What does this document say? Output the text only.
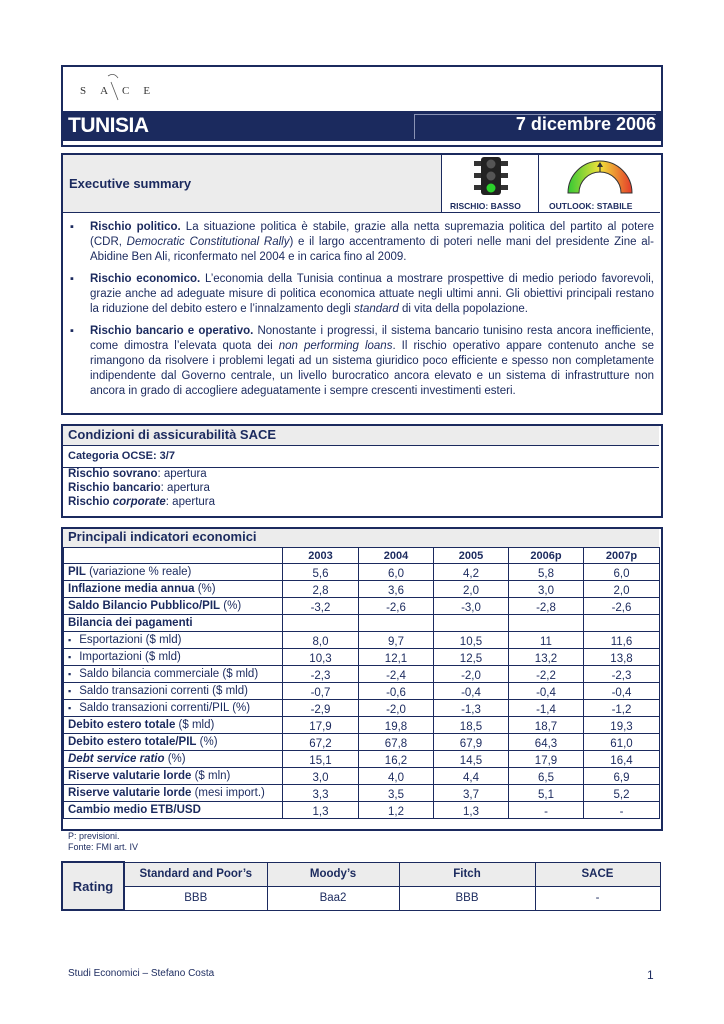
SACE
TUNISIA	7 dicembre 2006
Executive summary
RISCHIO: BASSO	OUTLOOK: STABILE
▪ Rischio politico. La situazione politica è stabile, grazie alla netta supremazia politica del partito al potere (CDR, Democratic Constitutional Rally) e il largo accentramento di poteri nelle mani del presidente Zine al-Abidine Ben Ali, riconfermato nel 2004 e in carica fino al 2009.
▪ Rischio economico. L’economia della Tunisia continua a mostrare prospettive di medio periodo favorevoli, grazie anche ad adeguate misure di politica economica attuate negli ultimi anni. Gli obiettivi principali restano la riduzione del debito estero e l’innalzamento degli standard di vita della popolazione.
▪ Rischio bancario e operativo. Nonostante i progressi, il sistema bancario tunisino resta ancora inefficiente, come dimostra l’elevata quota dei non performing loans. Il rischio operativo appare contenuto anche se rimangono da risolvere i problemi legati ad un sistema giuridico poco efficiente e spesso non completamente indipendente dal Governo centrale, un livello burocratico ancora elevato e un sistema di infrastrutture non ancora in grado di accogliere adeguatamente i sempre crescenti investimenti esteri.
Condizioni di assicurabilità SACE
Categoria OCSE: 3/7
Rischio sovrano: apertura
Rischio bancario: apertura
Rischio corporate: apertura
Principali indicatori economici
	2003	2004	2005	2006p	2007p
PIL (variazione % reale)	5,6	6,0	4,2	5,8	6,0
Inflazione media annua (%)	2,8	3,6	2,0	3,0	2,0
Saldo Bilancio Pubblico/PIL (%)	-3,2	-2,6	-3,0	-2,8	-2,6
Bilancia dei pagamenti					
▪ Esportazioni ($ mld)	8,0	9,7	10,5	11	11,6
▪ Importazioni ($ mld)	10,3	12,1	12,5	13,2	13,8
▪ Saldo bilancia commerciale ($ mld)	-2,3	-2,4	-2,0	-2,2	-2,3
▪ Saldo transazioni correnti ($ mld)	-0,7	-0,6	-0,4	-0,4	-0,4
▪ Saldo transazioni correnti/PIL (%)	-2,9	-2,0	-1,3	-1,4	-1,2
Debito estero totale ($ mld)	17,9	19,8	18,5	18,7	19,3
Debito estero totale/PIL (%)	67,2	67,8	67,9	64,3	61,0
Debt service ratio (%)	15,1	16,2	14,5	17,9	16,4
Riserve valutarie lorde ($ mln)	3,0	4,0	4,4	6,5	6,9
Riserve valutarie lorde (mesi import.)	3,3	3,5	3,7	5,1	5,2
Cambio medio ETB/USD	1,3	1,2	1,3	-	-
P: previsioni.
Fonte: FMI art. IV
Rating	Standard and Poor’s	Moody’s	Fitch	SACE
	BBB	Baa2	BBB	-
Studi Economici – Stefano Costa	1
